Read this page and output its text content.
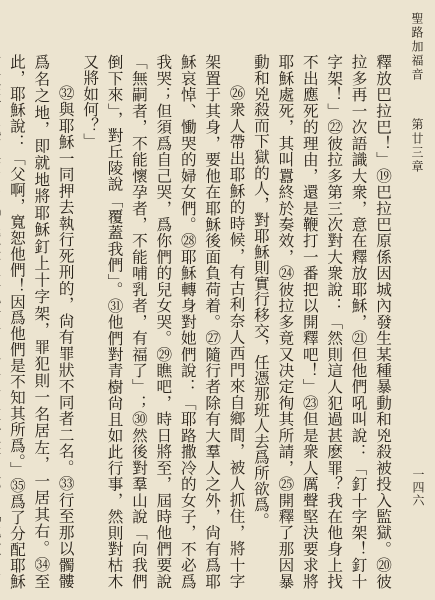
聖路加福音
第廿三章
一四六

釋放巴拉巴！」⑲巴拉巴原係因城內發生某種暴動和兇殺被投入監獄。⑳彼拉多再一次語識大衆，意在釋放耶穌，㉑但他們吼叫說：「釘十字架！釘十字架！」㉒彼拉多第三次對大衆說：「然則這人犯過甚麽罪？我在他身上找不出應死的理由，還是鞭打一番把以開釋吧！」㉓但是衆人厲聲堅決要求將耶穌處死，其叫囂終於奏效，㉔彼拉多竟又决定徇其所請，㉕開釋了那因暴動和兇殺而下獄的人，對耶穌則實行移交，任憑那班人去爲所欲爲。

㉖衆人帶出耶穌的時候，有古利奈人西門來自鄉間，被人抓住，將十字架置于其身，要他在耶穌後面負荷着。㉗隨行者除有大羣人之外，尙有爲耶穌哀悼、慟哭的婦女們。㉘耶穌轉身對她們說：「耶路撒冷的女子，不必爲我哭；但須爲自己哭，爲你們的兒女哭。㉙瞧吧，時日將至，屆時他們要說「無嗣者，不能懷孕者，不能哺乳者，有福了」；㉚然後對羣山說「向我們倒下來」，對丘陵說「覆蓋我們」。㉛他們對青樹尙且如此行事，然則對枯木又將如何？」

㉜與耶穌一同押去執行死刑的，尙有罪狀不同者二名。㉝行至那以髑髏爲名之地，即就地將耶穌釘上十字架，罪犯則一名居左，一居其右。㉞至此，耶穌說：「父啊，寬恕他們！因爲他們是不知其所爲。」㉟爲了分配耶穌
